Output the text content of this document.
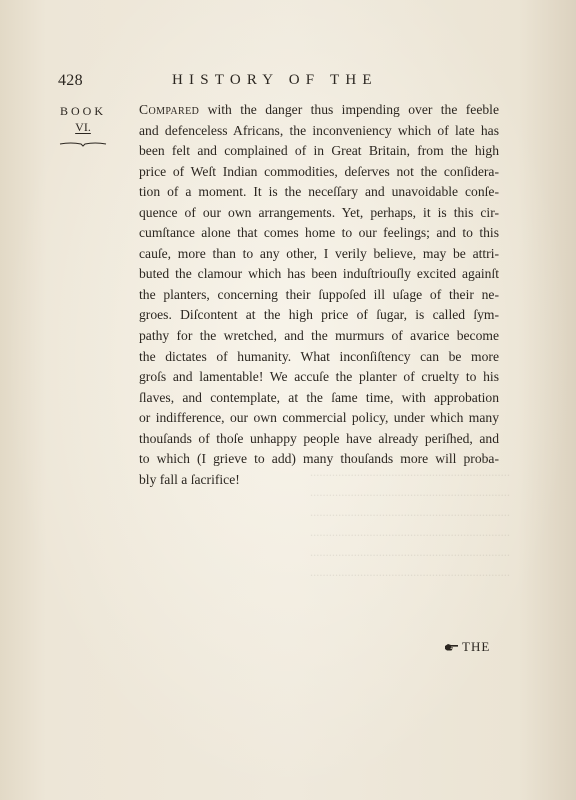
428	HISTORY OF THE
BOOK
VI.
Compared with the danger thus impending over the feeble
and defenceless Africans, the inconveniency which of late has
been felt and complained of in Great Britain, from the high
price of Weſt Indian commodities, deſerves not the conſidera-
tion of a moment. It is the neceſſary and unavoidable conſe-
quence of our own arrangements. Yet, perhaps, it is this cir-
cumſtance alone that comes home to our feelings; and to this
cauſe, more than to any other, I verily believe, may be attri-
buted the clamour which has been induſtriouſly excited againſt
the planters, concerning their ſuppoſed ill uſage of their ne-
groes. Diſcontent at the high price of ſugar, is called ſym-
pathy for the wretched, and the murmurs of avarice become
the dictates of humanity. What inconſiſtency can be more
groſs and lamentable! We accuſe the planter of cruelty to his
ſlaves, and contemplate, at the ſame time, with approbation
or indifference, our own commercial policy, under which many
thouſands of thoſe unhappy people have already periſhed, and
to which (I grieve to add) many thouſands more will proba-
bly fall a ſacrifice!	................................................................
................................................................
................................................................
................................................................
................................................................
................................................................
THE
